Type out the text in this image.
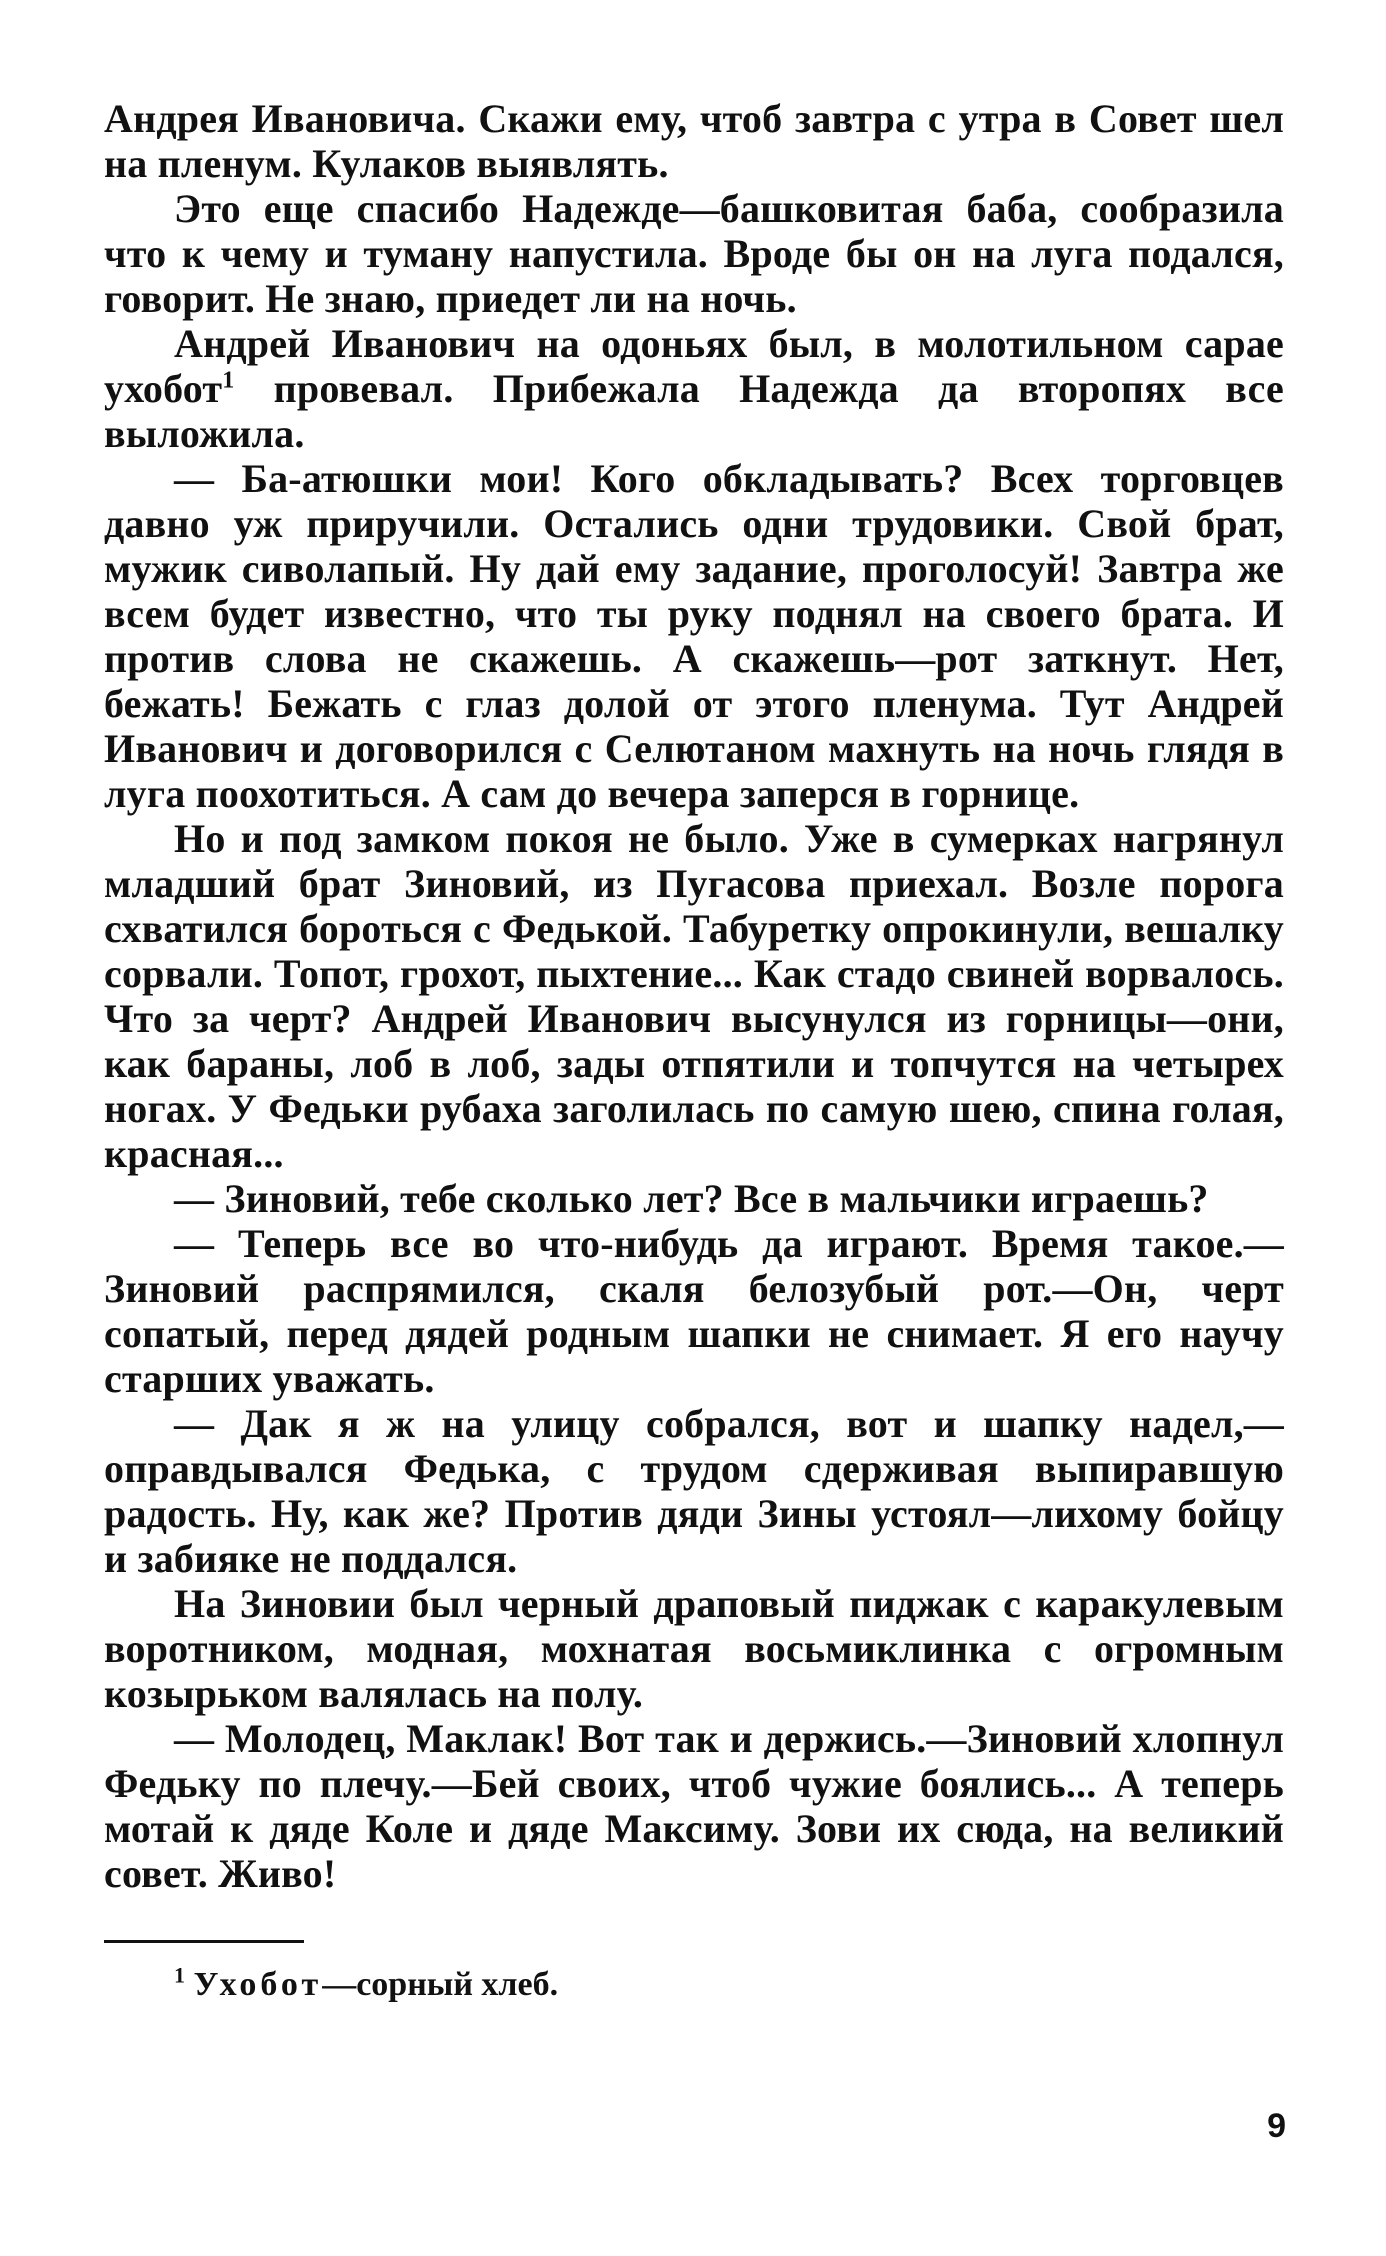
Андрея Ивановича. Скажи ему, чтоб завтра с утра в Совет шел на пленум. Кулаков выявлять.

Это еще спасибо Надежде—башковитая баба, сообразила что к чему и туману напустила. Вроде бы он на луга подался, говорит. Не знаю, приедет ли на ночь.

Андрей Иванович на одоньях был, в молотильном сарае ухобот$^1$ провевал. Прибежала Надежда да второпях все выложила.

— Ба-атюшки мои! Кого обкладывать? Всех торговцев давно уж приручили. Остались одни трудовики. Свой брат, мужик сиволапый. Ну дай ему задание, проголосуй! Завтра же всем будет известно, что ты руку поднял на своего брата. И против слова не скажешь. А скажешь—рот заткнут. Нет, бежать! Бежать с глаз долой от этого пленума. Тут Андрей Иванович и договорился с Селютаном махнуть на ночь глядя в луга поохотиться. А сам до вечера заперся в горнице.

Но и под замком покоя не было. Уже в сумерках нагрянул младший брат Зиновий, из Пугасова приехал. Возле порога схватился бороться с Федькой. Табуретку опрокинули, вешалку сорвали. Топот, грохот, пыхтение... Как стадо свиней ворвалось. Что за черт? Андрей Иванович высунулся из горницы—они, как бараны, лоб в лоб, зады отпятили и топчутся на четырех ногах. У Федьки рубаха заголилась по самую шею, спина голая, красная...

— Зиновий, тебе сколько лет? Все в мальчики играешь?

— Теперь все во что-нибудь да играют. Время такое.—Зиновий распрямился, скаля белозубый рот.—Он, черт сопатый, перед дядей родным шапки не снимает. Я его научу старших уважать.

— Дак я ж на улицу собрался, вот и шапку надел,— оправдывался Федька, с трудом сдерживая выпиравшую радость. Ну, как же? Против дяди Зины устоял—лихому бойцу и забияке не поддался.

На Зиновии был черный драповый пиджак с каракулевым воротником, модная, мохнатая восьмиклинка с огромным козырьком валялась на полу.

— Молодец, Маклак! Вот так и держись.—Зиновий хлопнул Федьку по плечу.—Бей своих, чтоб чужие боялись... А теперь мотай к дяде Коле и дяде Максиму. Зови их сюда, на великий совет. Живо!

$^1$ Ухобот—сорный хлеб.
9
